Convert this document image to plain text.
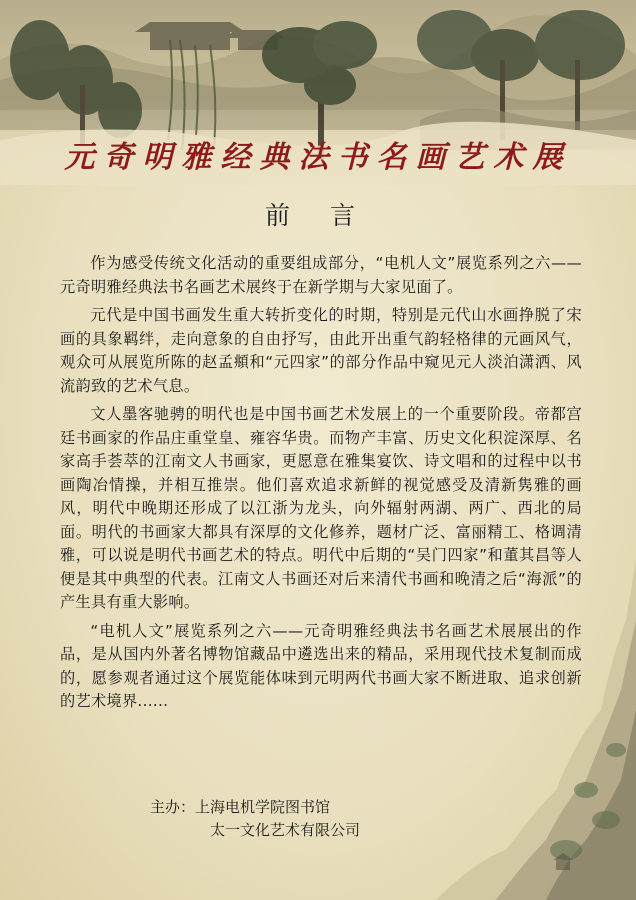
元奇明雅经典法书名画艺术展
前 言

作为感受传统文化活动的重要组成部分，“电机人文”展览系列之六——元奇明雅经典法书名画艺术展终于在新学期与大家见面了。

元代是中国书画发生重大转折变化的时期，特别是元代山水画挣脱了宋画的具象羁绊，走向意象的自由抒写，由此开出重气韵轻格律的元画风气，观众可从展览所陈的赵孟頫和“元四家”的部分作品中窥见元人淡泊潇洒、风流韵致的艺术气息。

文人墨客驰骋的明代也是中国书画艺术发展上的一个重要阶段。帝都宫廷书画家的作品庄重堂皇、雍容华贵。而物产丰富、历史文化积淀深厚、名家高手荟萃的江南文人书画家，更愿意在雅集宴饮、诗文唱和的过程中以书画陶冶情操，并相互推崇。他们喜欢追求新鲜的视觉感受及清新隽雅的画风，明代中晚期还形成了以江浙为龙头，向外辐射两湖、两广、西北的局面。明代的书画家大都具有深厚的文化修养，题材广泛、富丽精工、格调清雅，可以说是明代书画艺术的特点。明代中后期的“吴门四家”和董其昌等人便是其中典型的代表。江南文人书画还对后来清代书画和晚清之后“海派”的产生具有重大影响。

“电机人文”展览系列之六——元奇明雅经典法书名画艺术展展出的作品，是从国内外著名博物馆藏品中遴选出来的精品，采用现代技术复制而成的，愿参观者通过这个展览能体味到元明两代书画大家不断进取、追求创新的艺术境界......

主办：上海电机学院图书馆
太一文化艺术有限公司
